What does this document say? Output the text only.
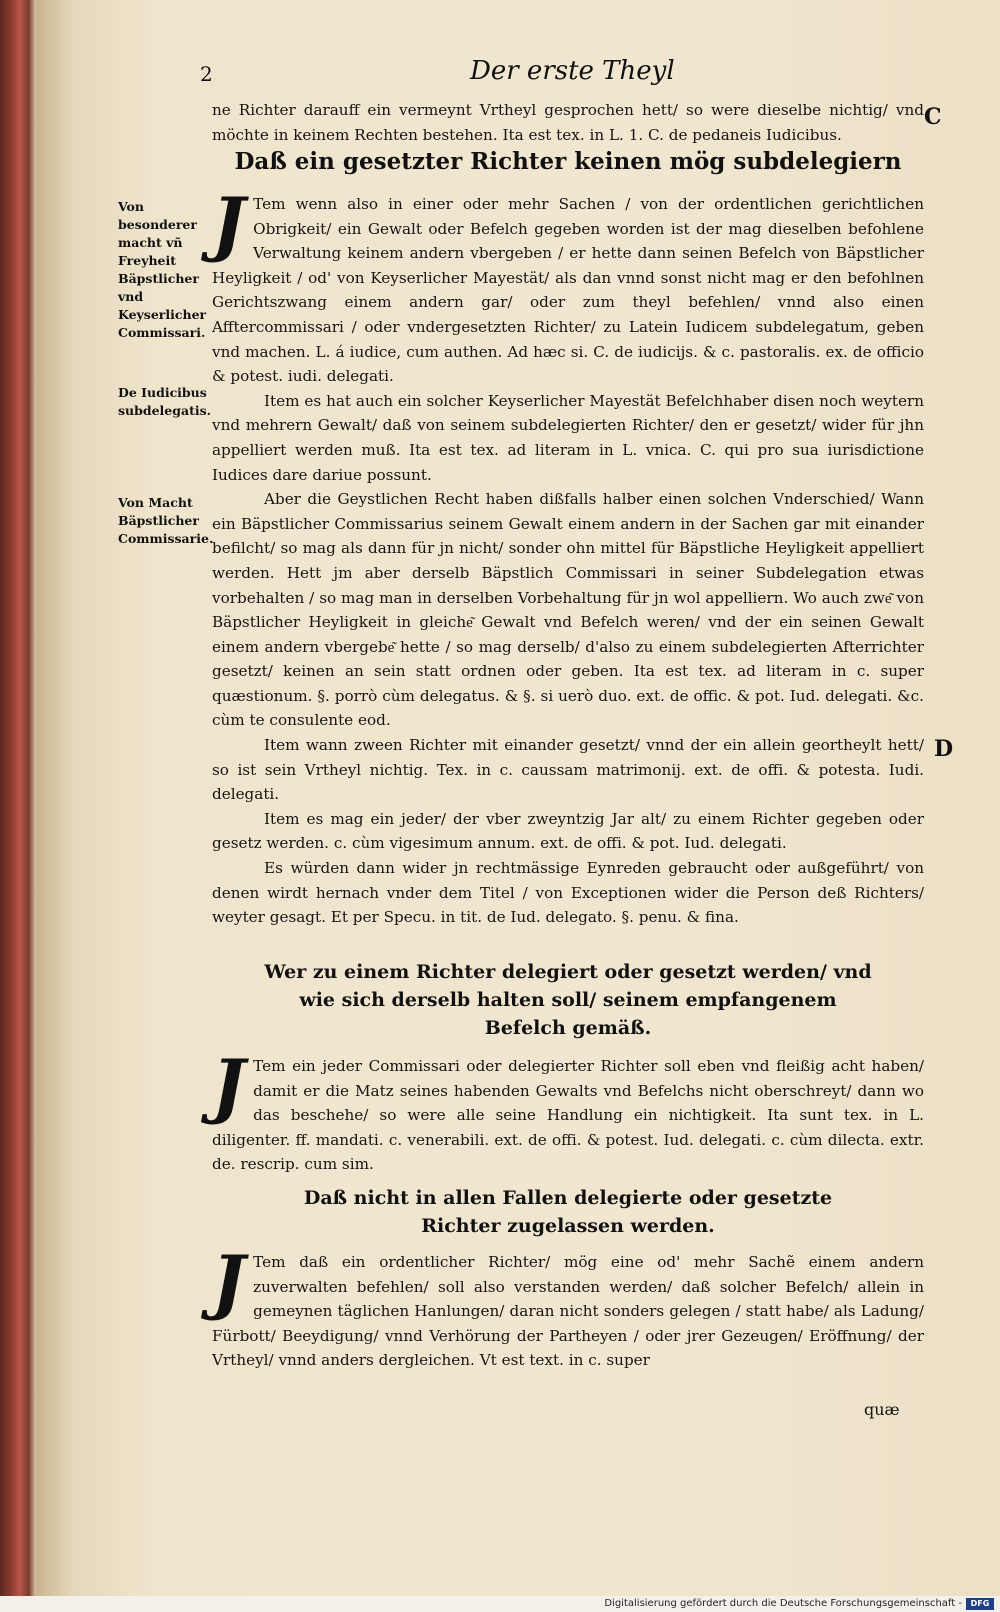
2	Der erste Theyl

ne Richter darauff ein vermeynt Vrtheyl gesprochen hett/ so were dieselbe nichtig/ vnd möchte in keinem Rechten bestehen. Ita est tex. in L. 1. C. de pedaneis Iudicibus.

Daß ein gesetzter Richter keinen mög subdelegiern
Von besonderer macht vñ Freyheit Bäpstlicher vnd Keyserlicher Commissari.
De Iudicibus subdelegatis.
Von Macht Bäpstlicher Commissarie.

J Tem wenn also in einer oder mehr Sachen / von der ordentlichen gerichtlichen Obrigkeit/ ein Gewalt oder Befelch gegeben worden ist der mag dieselben befohlene Verwaltung keinem andern vbergeben / er hette dann seinen Befelch von Bäpstlicher Heyligkeit / od' von Keyserlicher Mayestät/ als dan vnnd sonst nicht mag er den befohlnen Gerichtszwang einem andern gar/ oder zum theyl befehlen/ vnnd also einen Afftercommissari / oder vndergesetzten Richter/ zu Latein Iudicem subdelegatum, geben vnd machen. L. á iudice, cum authen. Ad hæc si. C. de iudicijs. & c. pastoralis. ex. de officio & potest. iudi. delegati.

Item es hat auch ein solcher Keyserlicher Mayestät Befelchhaber disen noch weytern vnd mehrern Gewalt/ daß von seinem subdelegierten Richter/ den er gesetzt/ wider für jhn appelliert werden muß. Ita est tex. ad literam in L. vnica. C. qui pro sua iurisdictione Iudices dare dariue possunt.

Aber die Geystlichen Recht haben dißfalls halber einen solchen Vnderschied/ Wann ein Bäpstlicher Commissarius seinem Gewalt einem andern in der Sachen gar mit einander befilcht/ so mag als dann für jn nicht/ sonder ohn mittel für Bäpstliche Heyligkeit appelliert werden. Hett jm aber derselb Bäpstlich Commissari in seiner Subdelegation etwas vorbehalten / so mag man in derselben Vorbehaltung für jn wol appelliern. Wo auch zwe͂ von Bäpstlicher Heyligkeit in gleiche͂ Gewalt vnd Befelch weren/ vnd der ein seinen Gewalt einem andern vbergebe͂ hette / so mag derselb/ d'also zu einem subdelegierten Afterrichter gesetzt/ keinen an sein statt ordnen oder geben. Ita est tex. ad literam in c. super quæstionum. §. porrò cùm delegatus. & §. si uerò duo. ext. de offic. & pot. Iud. delegati. &c. cùm te consulente eod.

Item wann zween Richter mit einander gesetzt/ vnnd der ein allein geortheylt hett/ so ist sein Vrtheyl nichtig. Tex. in c. caussam matrimonij. ext. de offi. & potesta. Iudi. delegati.

Item es mag ein jeder/ der vber zweyntzig Jar alt/ zu einem Richter gegeben oder gesetz werden. c. cùm vigesimum annum. ext. de offi. & pot. Iud. delegati.

Es würden dann wider jn rechtmässige Eynreden gebraucht oder außgeführt/ von denen wirdt hernach vnder dem Titel / von Exceptionen wider die Person deß Richters/ weyter gesagt. Et per Specu. in tit. de Iud. delegato. §. penu. & fina.

Wer zu einem Richter delegiert oder gesetzt werden/ vnd
wie sich derselb halten soll/ seinem empfangenem
Befelch gemäß.

J Tem ein jeder Commissari oder delegierter Richter soll eben vnd fleißig acht haben/ damit er die Matz seines habenden Gewalts vnd Befelchs nicht oberschreyt/ dann wo das beschehe/ so were alle seine Handlung ein nichtigkeit. Ita sunt tex. in L. diligenter. ff. mandati. c. venerabili. ext. de offi. & potest. Iud. delegati. c. cùm dilecta. extr. de. rescrip. cum sim.

Daß nicht in allen Fallen delegierte oder gesetzte
Richter zugelassen werden.

J Tem daß ein ordentlicher Richter/ mög eine od' mehr Sachẽ einem andern zuverwalten befehlen/ soll also verstanden werden/ daß solcher Befelch/ allein in gemeynen täglichen Hanlungen/ daran nicht sonders gelegen / statt habe/ als Ladung/ Fürbott/ Beeydigung/ vnnd Verhörung der Partheyen / oder jrer Gezeugen/ Eröffnung/ der Vrtheyl/ vnnd anders dergleichen. Vt est text. in c. super

quæ
C
D
Digitalisierung gefördert durch die Deutsche Forschungsgemeinschaft -	DFG
